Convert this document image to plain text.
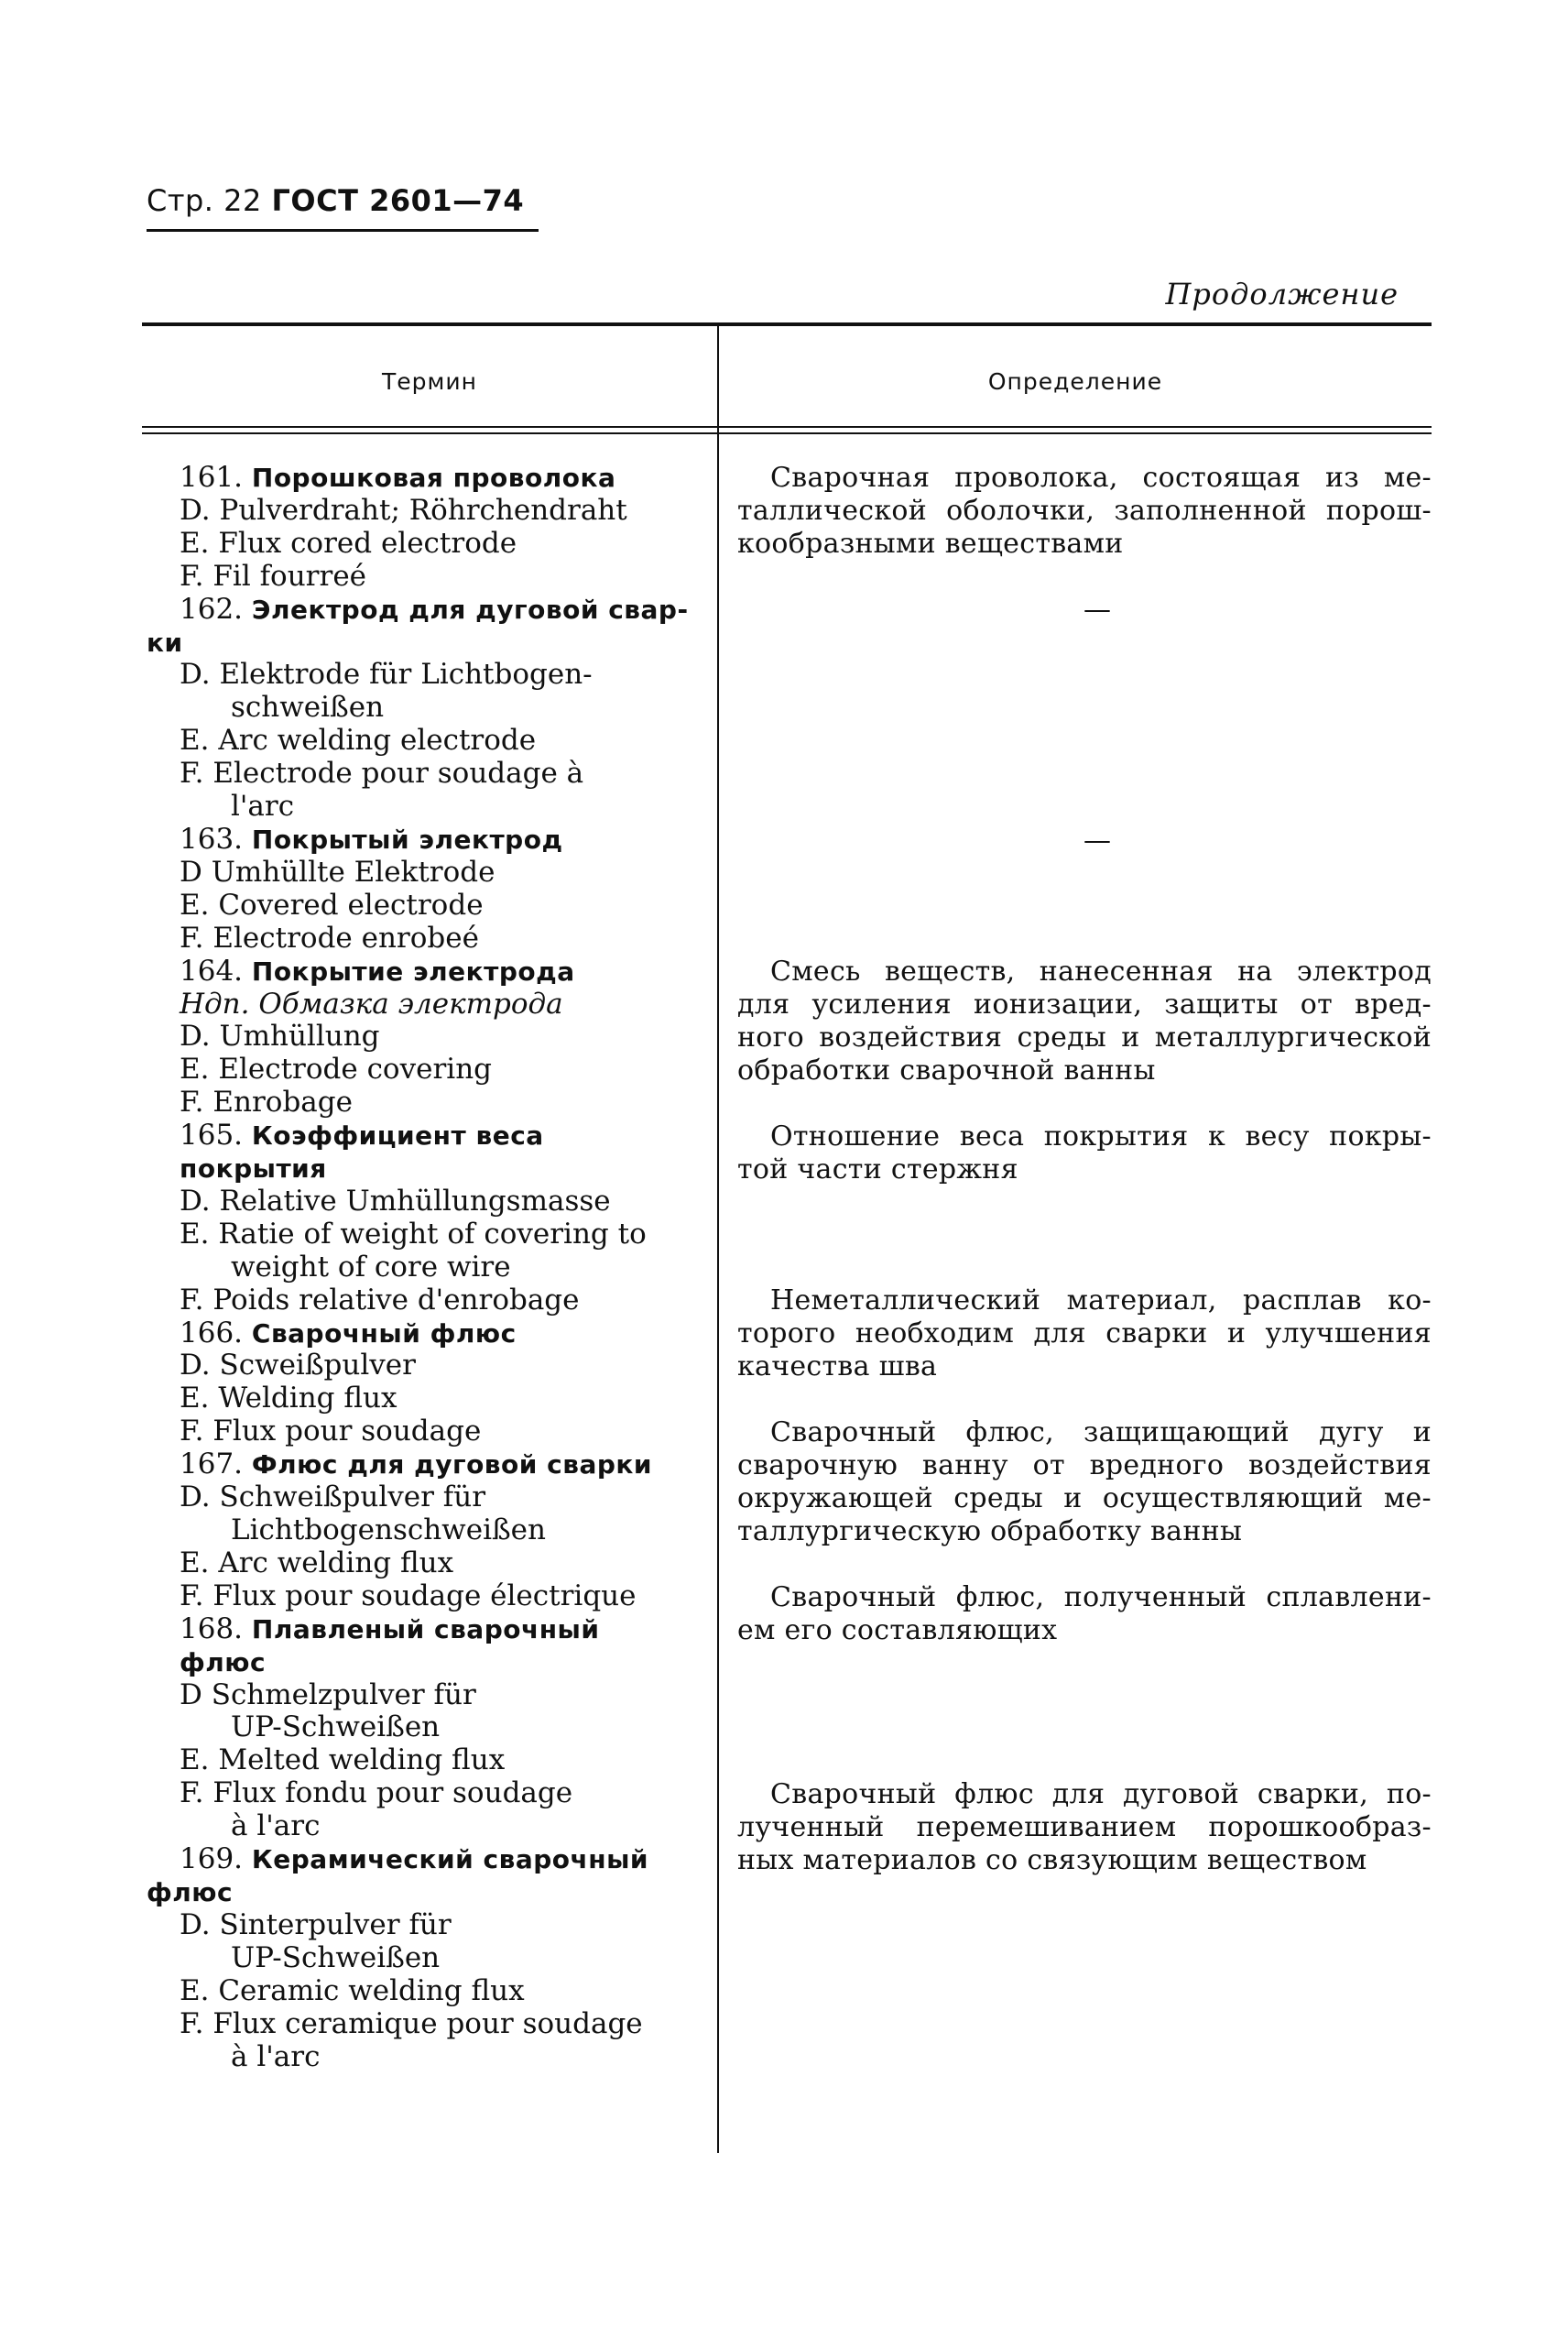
Стр. 22 ГОСТ 2601—74
Продолжение
Термин	Определение
161. Порошковая проволока
D. Pulverdraht; Röhrchendraht
E. Flux cored electrode
F. Fil fourreé
162. Электрод для дуговой свар-
ки
D. Elektrode für Lichtbogen-
schweißen
E. Arc welding electrode
F. Electrode pour soudage à
l'arc
163. Покрытый электрод
D Umhüllte Elektrode
E. Covered electrode
F. Electrode enrobeé
164. Покрытие электрода
Ндп. Обмазка электрода
D. Umhüllung
E. Electrode covering
F. Enrobage
165. Коэффициент веса покрытия
D. Relative Umhüllungsmasse
E. Ratie of weight of covering to
weight of core wire
F. Poids relative d'enrobage
166. Сварочный флюс
D. Scweißpulver
E. Welding flux
F. Flux pour soudage
167. Флюс для дуговой сварки
D. Schweißpulver für
Lichtbogenschweißen
E. Arc welding flux
F. Flux pour soudage électrique
168. Плавленый сварочный флюс
D Schmelzpulver für
UP-Schweißen
E. Melted welding flux
F. Flux fondu pour soudage
à l'arc
169. Керамический сварочный
флюс
D. Sinterpulver für
UP-Schweißen
E. Ceramic welding flux
F. Flux ceramique pour soudage
à l'arc
Сварочная проволока, состоящая из ме-
таллической оболочки, заполненной порош-
кообразными веществами
—
—
Смесь веществ, нанесенная на электрод
для усиления ионизации, защиты от вред-
ного воздействия среды и металлургической
обработки сварочной ванны
Отношение веса покрытия к весу покры-
той части стержня
Неметаллический материал, расплав ко-
торого необходим для сварки и улучшения
качества шва
Сварочный флюс, защищающий дугу и
сварочную ванну от вредного воздействия
окружающей среды и осуществляющий ме-
таллургическую обработку ванны
Сварочный флюс, полученный сплавлени-
ем его составляющих
Сварочный флюс для дуговой сварки, по-
лученный перемешиванием порошкообраз-
ных материалов со связующим веществом
